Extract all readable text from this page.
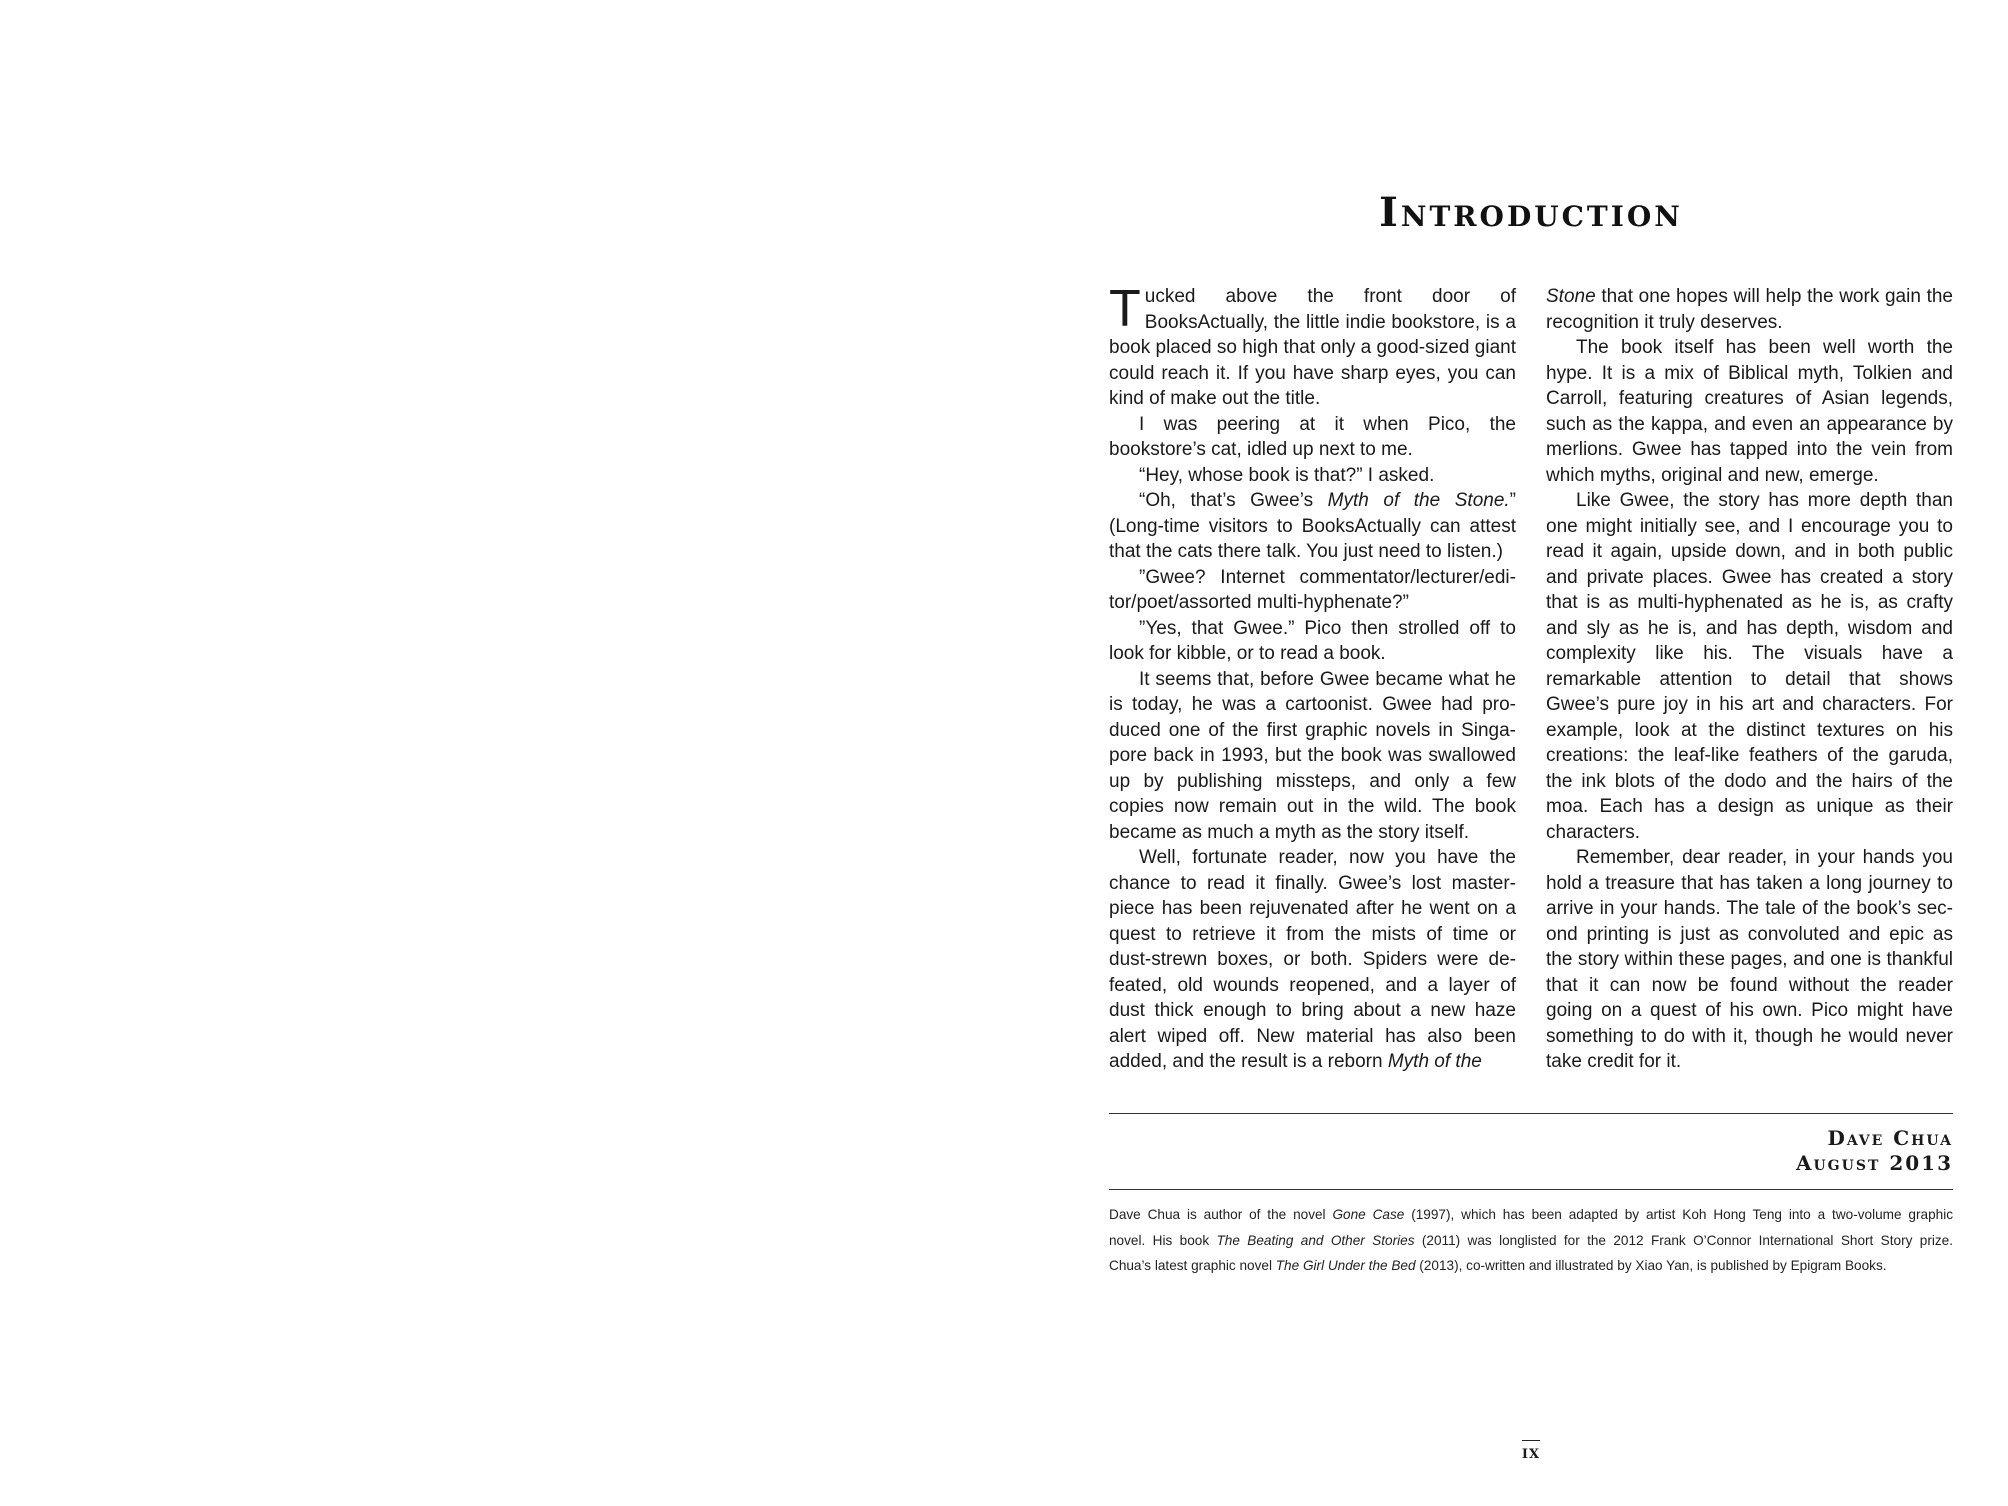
Introduction

Tucked above the front door of BooksActually, the little indie bookstore, is a book placed so high that only a good-sized giant could reach it. If you have sharp eyes, you can kind of make out the title.

I was peering at it when Pico, the bookstore’s cat, idled up next to me.

“Hey, whose book is that?” I asked.

“Oh, that’s Gwee’s Myth of the Stone.” (Long-time visitors to BooksActually can attest that the cats there talk. You just need to listen.)

”Gwee? Internet commentator/lecturer/editor/poet/assorted multi-hyphenate?”

”Yes, that Gwee.” Pico then strolled off to look for kibble, or to read a book.

It seems that, before Gwee became what he is today, he was a cartoonist. Gwee had produced one of the first graphic novels in Singapore back in 1993, but the book was swallowed up by publishing missteps, and only a few copies now remain out in the wild. The book became as much a myth as the story itself.

Well, fortunate reader, now you have the chance to read it finally. Gwee’s lost masterpiece has been rejuvenated after he went on a quest to retrieve it from the mists of time or dust-strewn boxes, or both. Spiders were defeated, old wounds reopened, and a layer of dust thick enough to bring about a new haze alert wiped off. New material has also been added, and the result is a reborn Myth of the

Stone that one hopes will help the work gain the recognition it truly deserves.

The book itself has been well worth the hype. It is a mix of Biblical myth, Tolkien and Carroll, featuring creatures of Asian legends, such as the kappa, and even an appearance by merlions. Gwee has tapped into the vein from which myths, original and new, emerge.

Like Gwee, the story has more depth than one might initially see, and I encourage you to read it again, upside down, and in both public and private places. Gwee has created a story that is as multi-hyphenated as he is, as crafty and sly as he is, and has depth, wisdom and complexity like his. The visuals have a remarkable attention to detail that shows Gwee’s pure joy in his art and characters. For example, look at the distinct textures on his creations: the leaf-like feathers of the garuda, the ink blots of the dodo and the hairs of the moa. Each has a design as unique as their characters.

Remember, dear reader, in your hands you hold a treasure that has taken a long journey to arrive in your hands. The tale of the book’s second printing is just as convoluted and epic as the story within these pages, and one is thankful that it can now be found without the reader going on a quest of his own. Pico might have something to do with it, though he would never take credit for it.

Dave Chua
August 2013
Dave Chua is author of the novel Gone Case (1997), which has been adapted by artist Koh Hong Teng into a two-volume graphic
novel. His book The Beating and Other Stories (2011) was longlisted for the 2012 Frank O’Connor International Short Story prize.
Chua’s latest graphic novel The Girl Under the Bed (2013), co-written and illustrated by Xiao Yan, is published by Epigram Books.
ix
